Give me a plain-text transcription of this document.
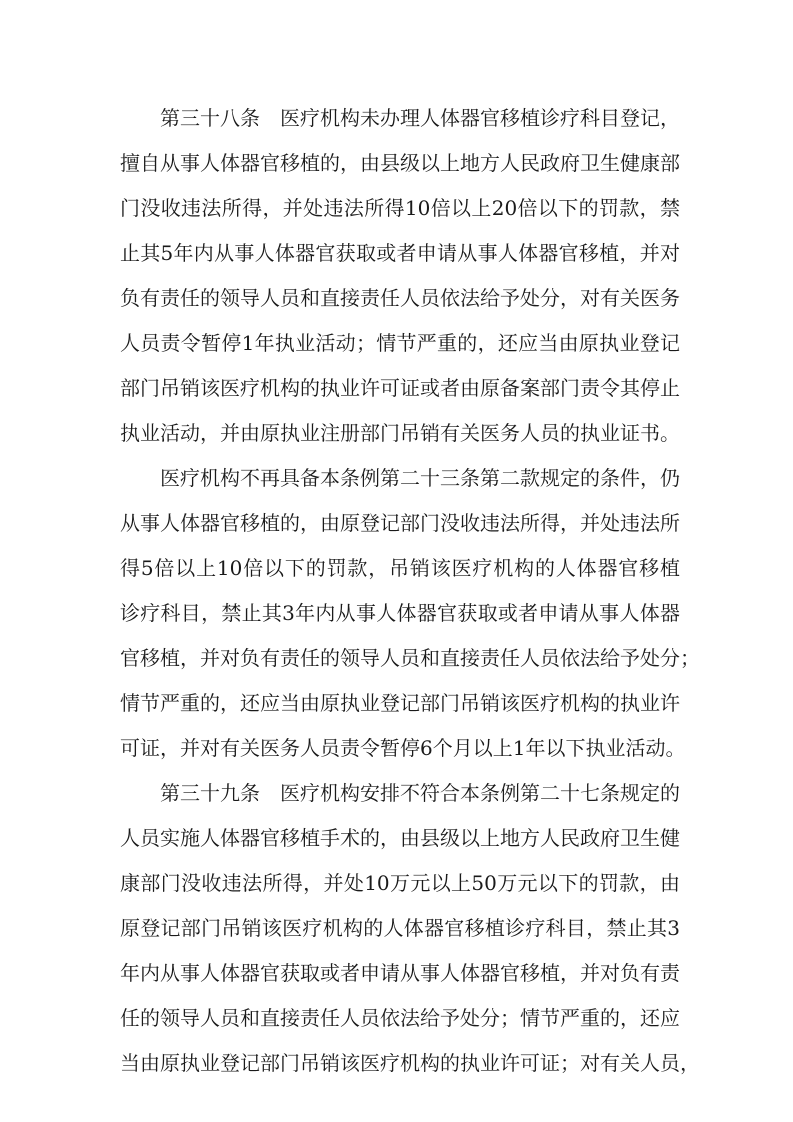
第三十八条　医疗机构未办理人体器官移植诊疗科目登记，
擅自从事人体器官移植的，由县级以上地方人民政府卫生健康部
门没收违法所得，并处违法所得10倍以上20倍以下的罚款，禁
止其5年内从事人体器官获取或者申请从事人体器官移植，并对
负有责任的领导人员和直接责任人员依法给予处分，对有关医务
人员责令暂停1年执业活动；情节严重的，还应当由原执业登记
部门吊销该医疗机构的执业许可证或者由原备案部门责令其停止
执业活动，并由原执业注册部门吊销有关医务人员的执业证书。
医疗机构不再具备本条例第二十三条第二款规定的条件，仍
从事人体器官移植的，由原登记部门没收违法所得，并处违法所
得5倍以上10倍以下的罚款，吊销该医疗机构的人体器官移植
诊疗科目，禁止其3年内从事人体器官获取或者申请从事人体器
官移植，并对负有责任的领导人员和直接责任人员依法给予处分；
情节严重的，还应当由原执业登记部门吊销该医疗机构的执业许
可证，并对有关医务人员责令暂停6个月以上1年以下执业活动。
第三十九条　医疗机构安排不符合本条例第二十七条规定的
人员实施人体器官移植手术的，由县级以上地方人民政府卫生健
康部门没收违法所得，并处10万元以上50万元以下的罚款，由
原登记部门吊销该医疗机构的人体器官移植诊疗科目，禁止其3
年内从事人体器官获取或者申请从事人体器官移植，并对负有责
任的领导人员和直接责任人员依法给予处分；情节严重的，还应
当由原执业登记部门吊销该医疗机构的执业许可证；对有关人员，
